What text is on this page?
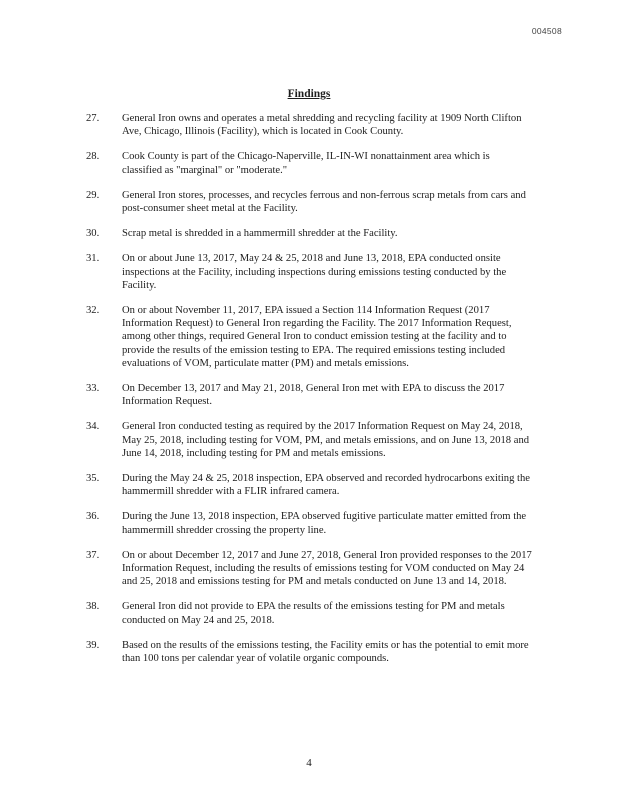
004508
Findings
27.	General Iron owns and operates a metal shredding and recycling facility at 1909 North Clifton Ave, Chicago, Illinois (Facility), which is located in Cook County.
28.	Cook County is part of the Chicago-Naperville, IL-IN-WI nonattainment area which is classified as "marginal" or "moderate."
29.	General Iron stores, processes, and recycles ferrous and non-ferrous scrap metals from cars and post-consumer sheet metal at the Facility.
30.	Scrap metal is shredded in a hammermill shredder at the Facility.
31.	On or about June 13, 2017, May 24 & 25, 2018 and June 13, 2018, EPA conducted onsite inspections at the Facility, including inspections during emissions testing conducted by the Facility.
32.	On or about November 11, 2017, EPA issued a Section 114 Information Request (2017 Information Request) to General Iron regarding the Facility. The 2017 Information Request, among other things, required General Iron to conduct emission testing at the facility and to provide the results of the emission testing to EPA. The required emissions testing included evaluations of VOM, particulate matter (PM) and metals emissions.
33.	On December 13, 2017 and May 21, 2018, General Iron met with EPA to discuss the 2017 Information Request.
34.	General Iron conducted testing as required by the 2017 Information Request on May 24, 2018, May 25, 2018, including testing for VOM, PM, and metals emissions, and on June 13, 2018 and June 14, 2018, including testing for PM and metals emissions.
35.	During the May 24 & 25, 2018 inspection, EPA observed and recorded hydrocarbons exiting the hammermill shredder with a FLIR infrared camera.
36.	During the June 13, 2018 inspection, EPA observed fugitive particulate matter emitted from the hammermill shredder crossing the property line.
37.	On or about December 12, 2017 and June 27, 2018, General Iron provided responses to the 2017 Information Request, including the results of emissions testing for VOM conducted on May 24 and 25, 2018 and emissions testing for PM and metals conducted on June 13 and 14, 2018.
38.	General Iron did not provide to EPA the results of the emissions testing for PM and metals conducted on May 24 and 25, 2018.
39.	Based on the results of the emissions testing, the Facility emits or has the potential to emit more than 100 tons per calendar year of volatile organic compounds.
4
